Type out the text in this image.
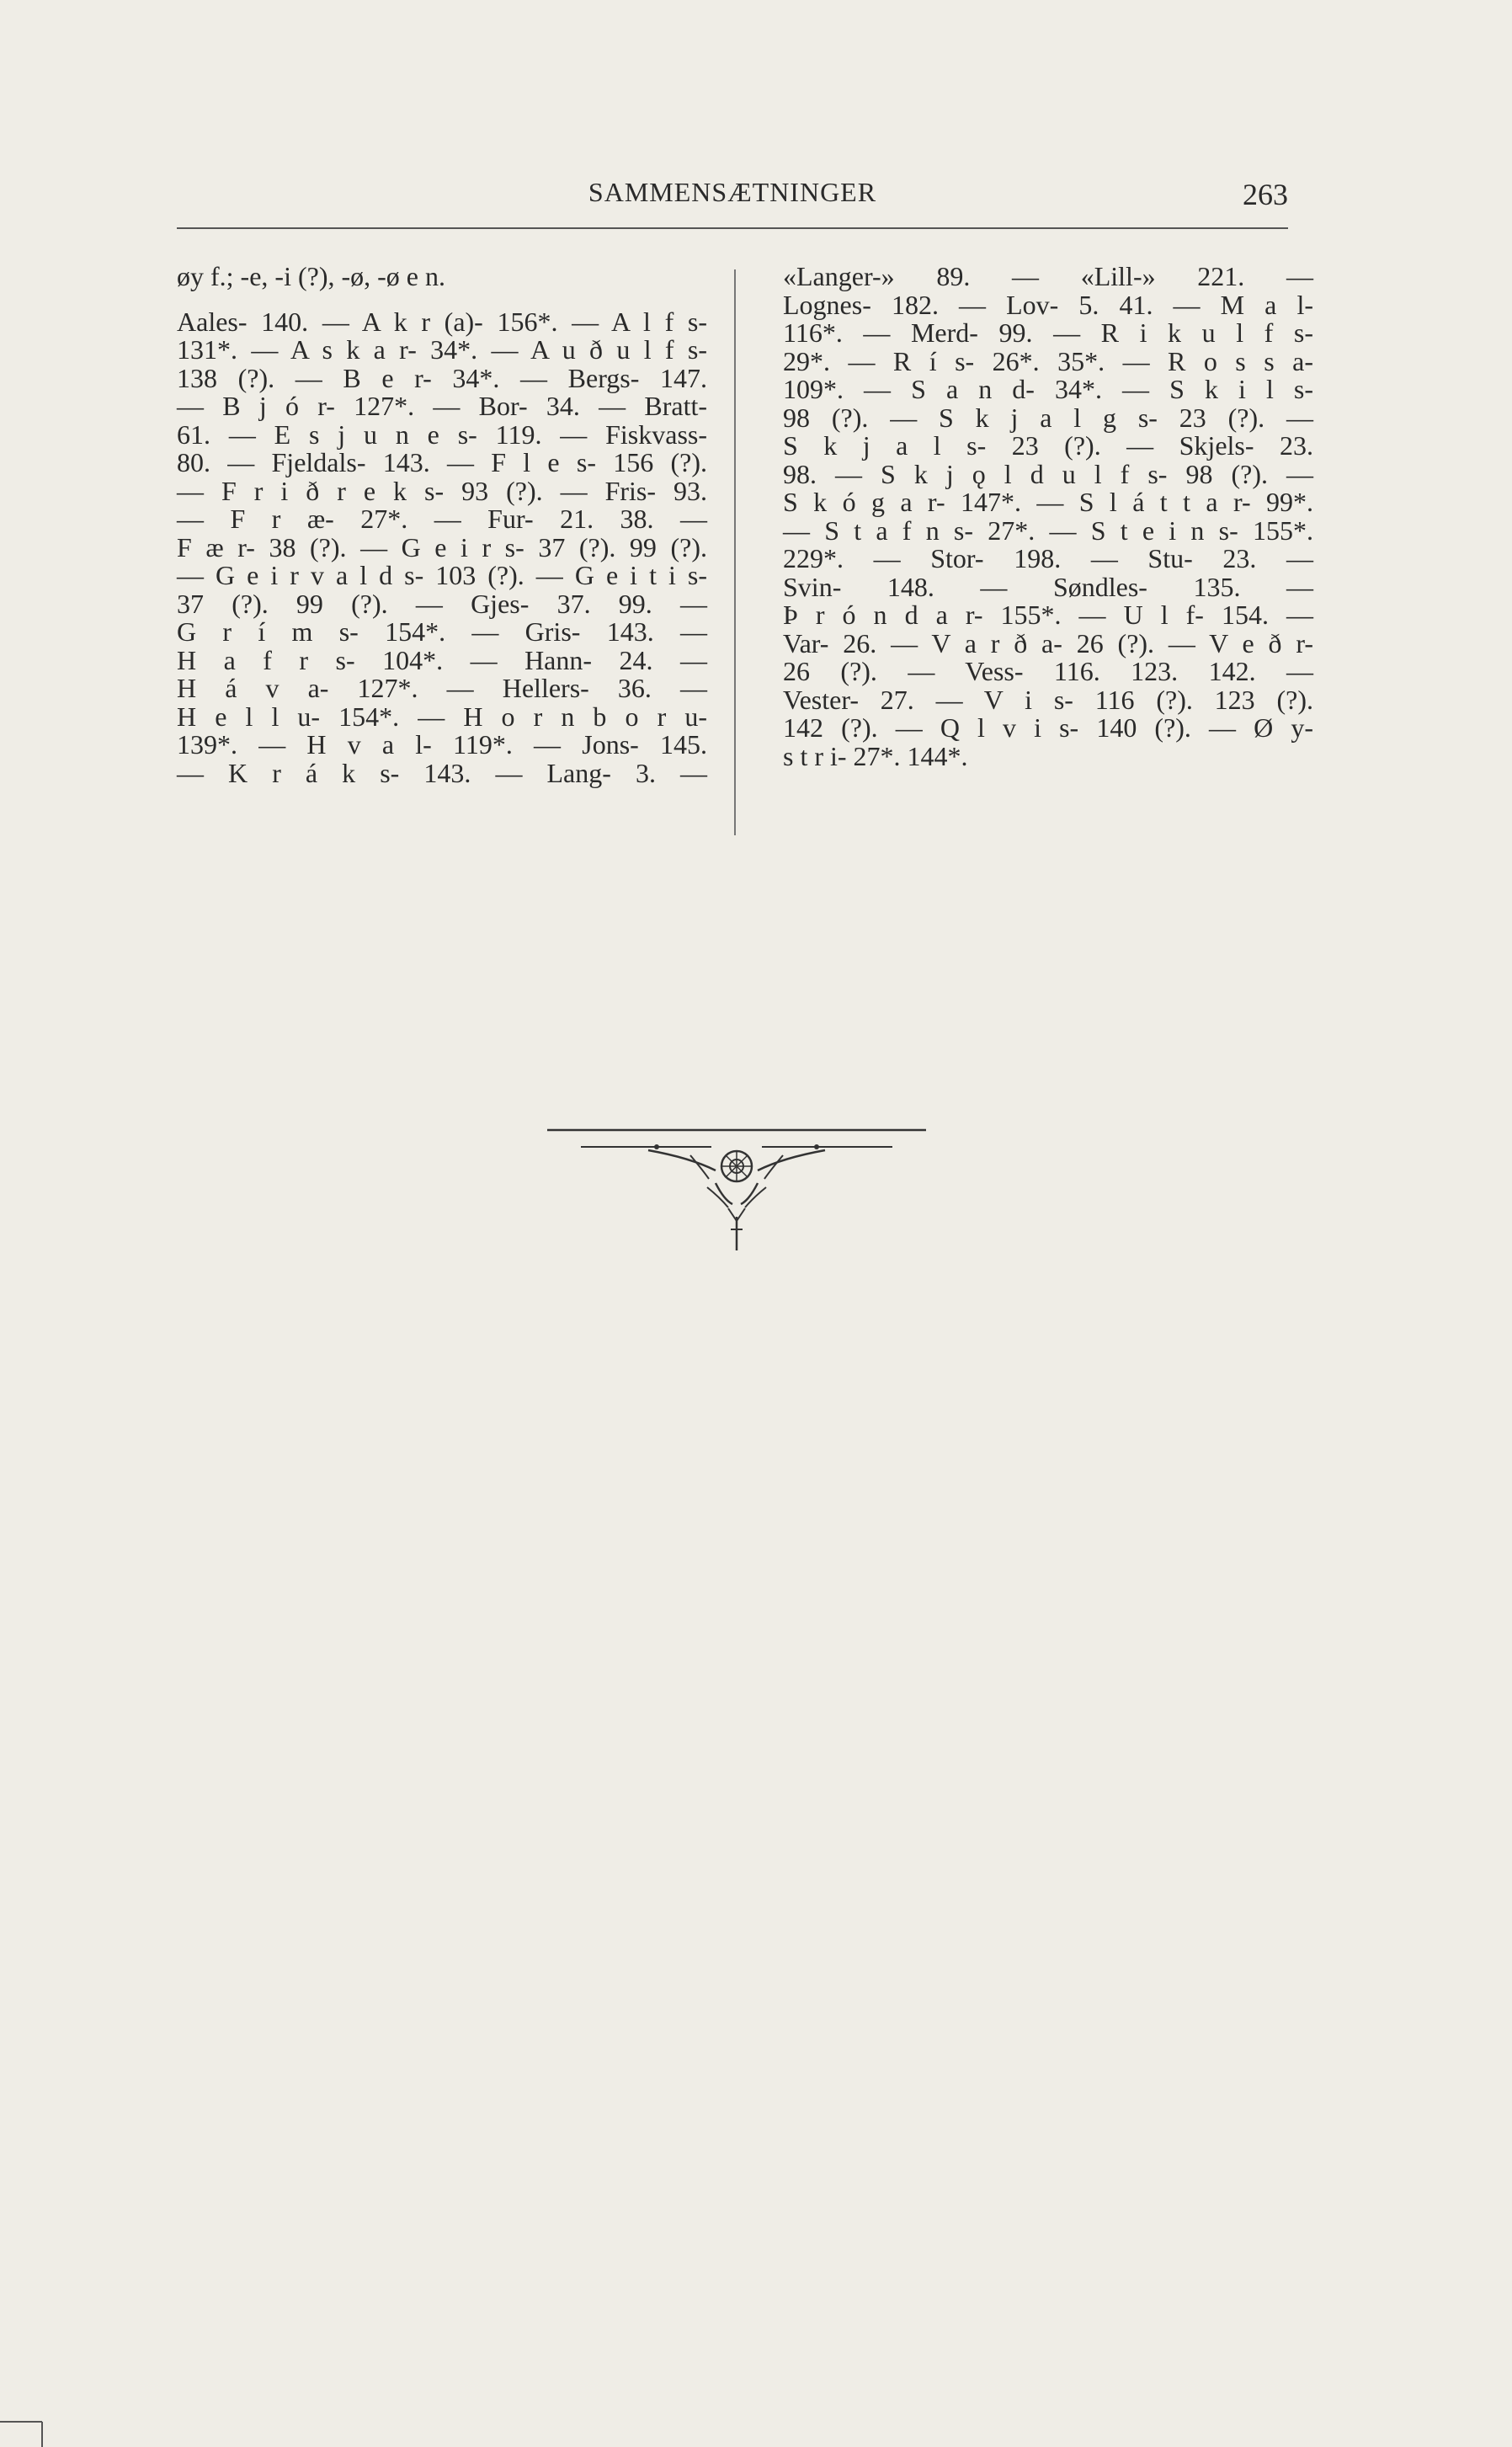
SAMMENSÆTNINGER	263
øy f.; -e, -i (?), -ø, -ø e n.
Aales- 140. — A k r (a)- 156*. — A l f s-
131*. — A s k a r- 34*. — A u ð u l f s-
138 (?). — B e r- 34*. — Bergs- 147.
— B j ó r- 127*. — Bor- 34. — Bratt-
61. — E s j u n e s- 119. — Fiskvass-
80. — Fjeldals- 143. — F l e s- 156 (?).
— F r i ð r e k s- 93 (?). — Fris- 93.
— F r æ- 27*. — Fur- 21. 38. —
F æ r- 38 (?). — G e i r s- 37 (?). 99 (?).
— G e i r v a l d s- 103 (?). — G e i t i s-
37 (?). 99 (?). — Gjes- 37. 99. —
G r í m s- 154*. — Gris- 143. —
H a f r s- 104*. — Hann- 24. —
H á v a- 127*. — Hellers- 36. —
H e l l u- 154*. — H o r n b o r u-
139*. — H v a l- 119*. — Jons- 145.
— K r á k s- 143. — Lang- 3. —
«Langer-» 89. — «Lill-» 221. —
Lognes- 182. — Lov- 5. 41. — M a l-
116*. — Merd- 99. — R i k u l f s-
29*. — R í s- 26*. 35*. — R o s s a-
109*. — S a n d- 34*. — S k i l s-
98 (?). — S k j a l g s- 23 (?). —
S k j a l s- 23 (?). — Skjels- 23.
98. — S k j ǫ l d u l f s- 98 (?). —
S k ó g a r- 147*. — S l á t t a r- 99*.
— S t a f n s- 27*. — S t e i n s- 155*.
229*. — Stor- 198. — Stu- 23. —
Svin- 148. — Søndles- 135. —
Þ r ó n d a r- 155*. — U l f- 154. —
Var- 26. — V a r ð a- 26 (?). — V e ð r-
26 (?). — Vess- 116. 123. 142. —
Vester- 27. — V i s- 116 (?). 123 (?).
142 (?). — Q l v i s- 140 (?). — Ø y-
s t r i- 27*. 144*.
